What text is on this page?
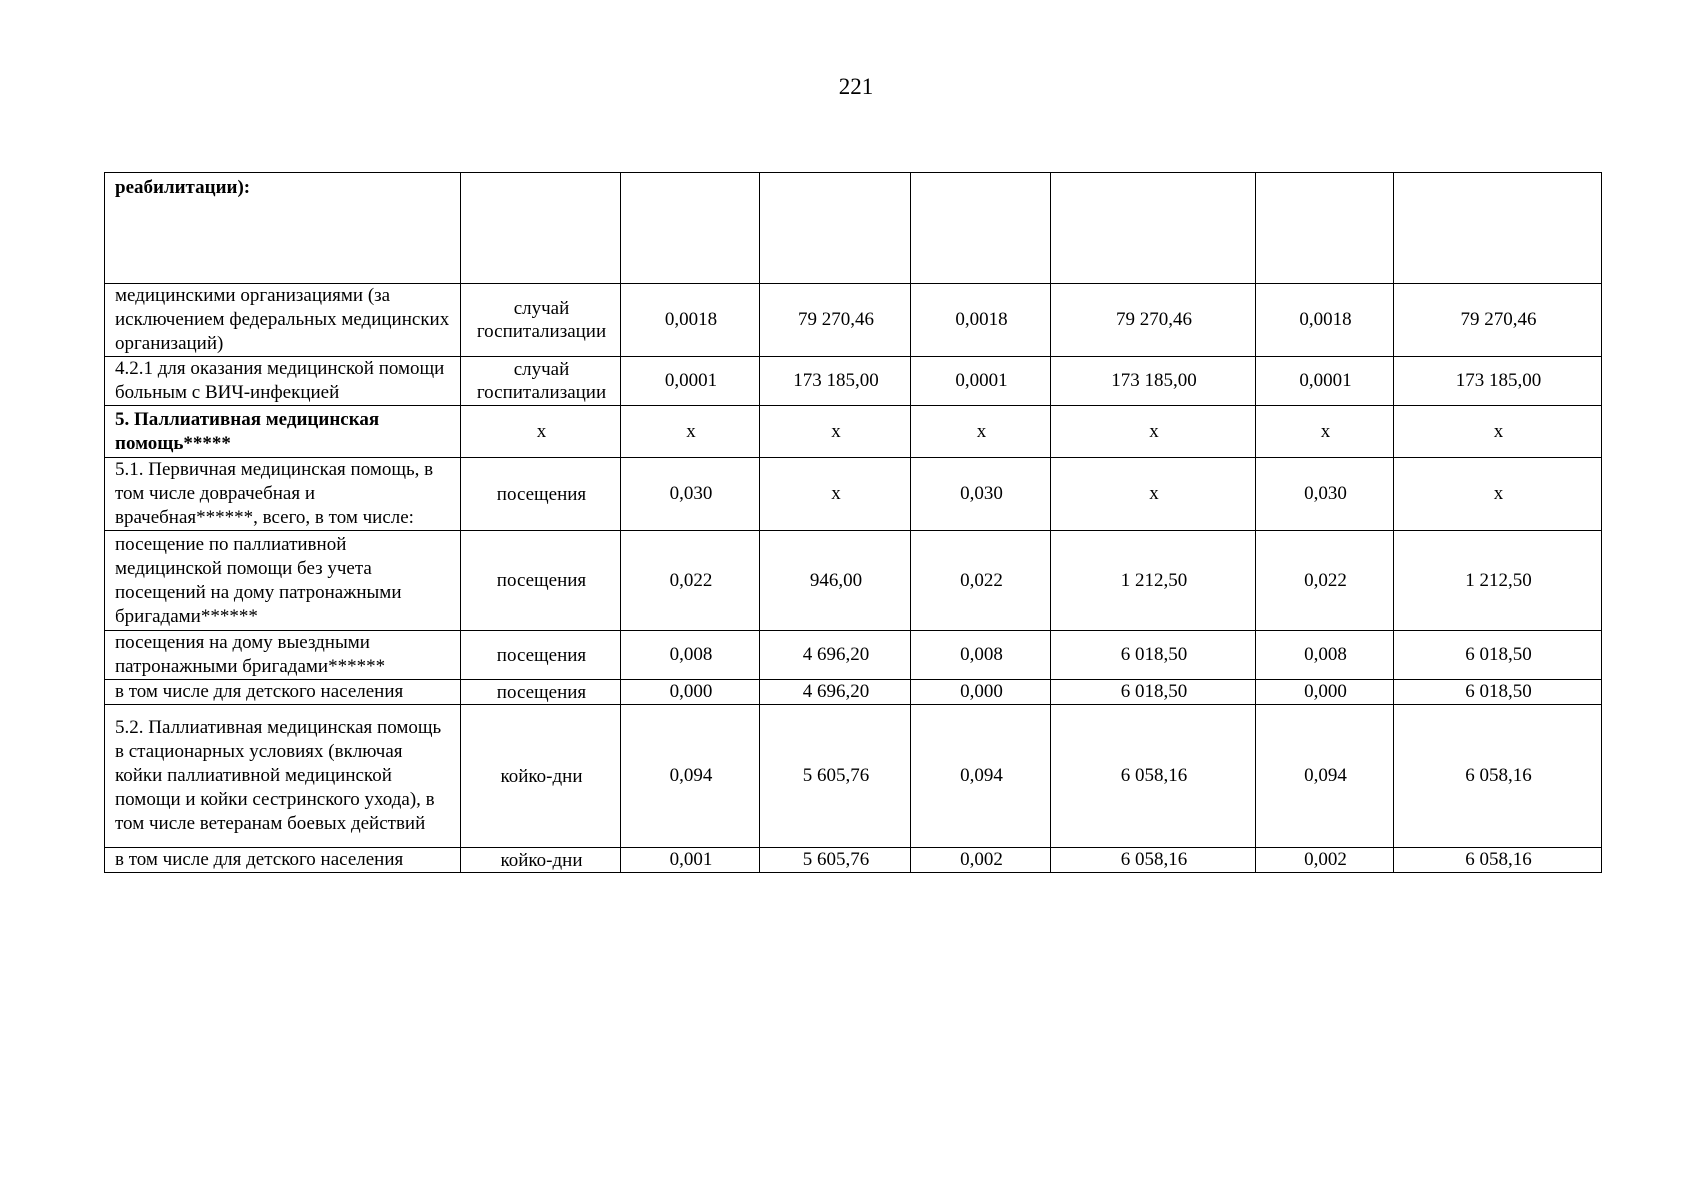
221
реабилитации):							
медицинскими организациями (за исключением федеральных медицинских организаций)	случай госпитализации	0,0018	79 270,46	0,0018	79 270,46	0,0018	79 270,46
4.2.1 для оказания медицинской помощи больным с ВИЧ-инфекцией	случай госпитализации	0,0001	173 185,00	0,0001	173 185,00	0,0001	173 185,00
5. Паллиативная медицинская помощь*****	х	х	х	х	х	х	х
5.1. Первичная медицинская помощь, в том числе доврачебная и врачебная******, всего, в том числе:	посещения	0,030	х	0,030	х	0,030	х
посещение по паллиативной медицинской помощи без учета посещений на дому патронажными бригадами******	посещения	0,022	946,00	0,022	1 212,50	0,022	1 212,50
посещения на дому выездными патронажными бригадами******	посещения	0,008	4 696,20	0,008	6 018,50	0,008	6 018,50
в том числе для детского населения	посещения	0,000	4 696,20	0,000	6 018,50	0,000	6 018,50
5.2. Паллиативная медицинская помощь в стационарных условиях (включая койки паллиативной медицинской помощи и койки сестринского ухода), в том числе ветеранам боевых действий	койко-дни	0,094	5 605,76	0,094	6 058,16	0,094	6 058,16
в том числе для детского населения	койко-дни	0,001	5 605,76	0,002	6 058,16	0,002	6 058,16
